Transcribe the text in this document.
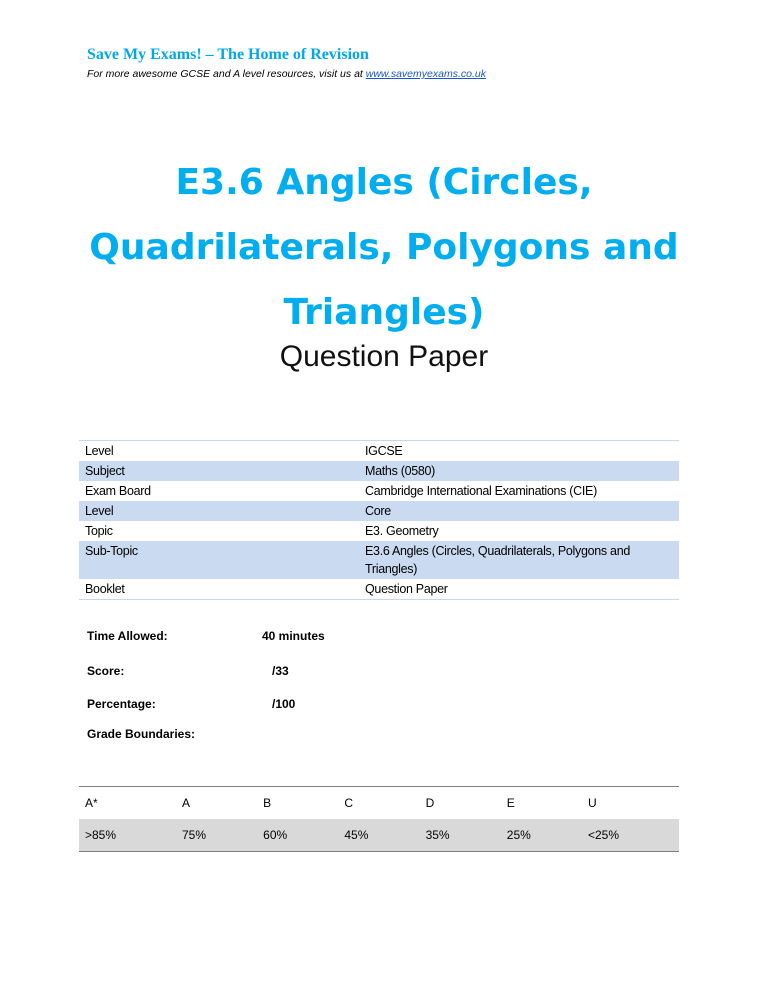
Save My Exams! – The Home of Revision
For more awesome GCSE and A level resources, visit us at www.savemyexams.co.uk
E3.6 Angles (Circles,
Quadrilaterals, Polygons and
Triangles)
Question Paper
Level	IGCSE
Subject	Maths (0580)
Exam Board	Cambridge International Examinations (CIE)
Level	Core
Topic	E3. Geometry
Sub-Topic	E3.6 Angles (Circles, Quadrilaterals, Polygons and Triangles)
Booklet	Question Paper
Time Allowed:	40 minutes
Score:	/33
Percentage:	/100
Grade Boundaries:
A*	A	B	C	D	E	U
>85%	75%	60%	45%	35%	25%	<25%
